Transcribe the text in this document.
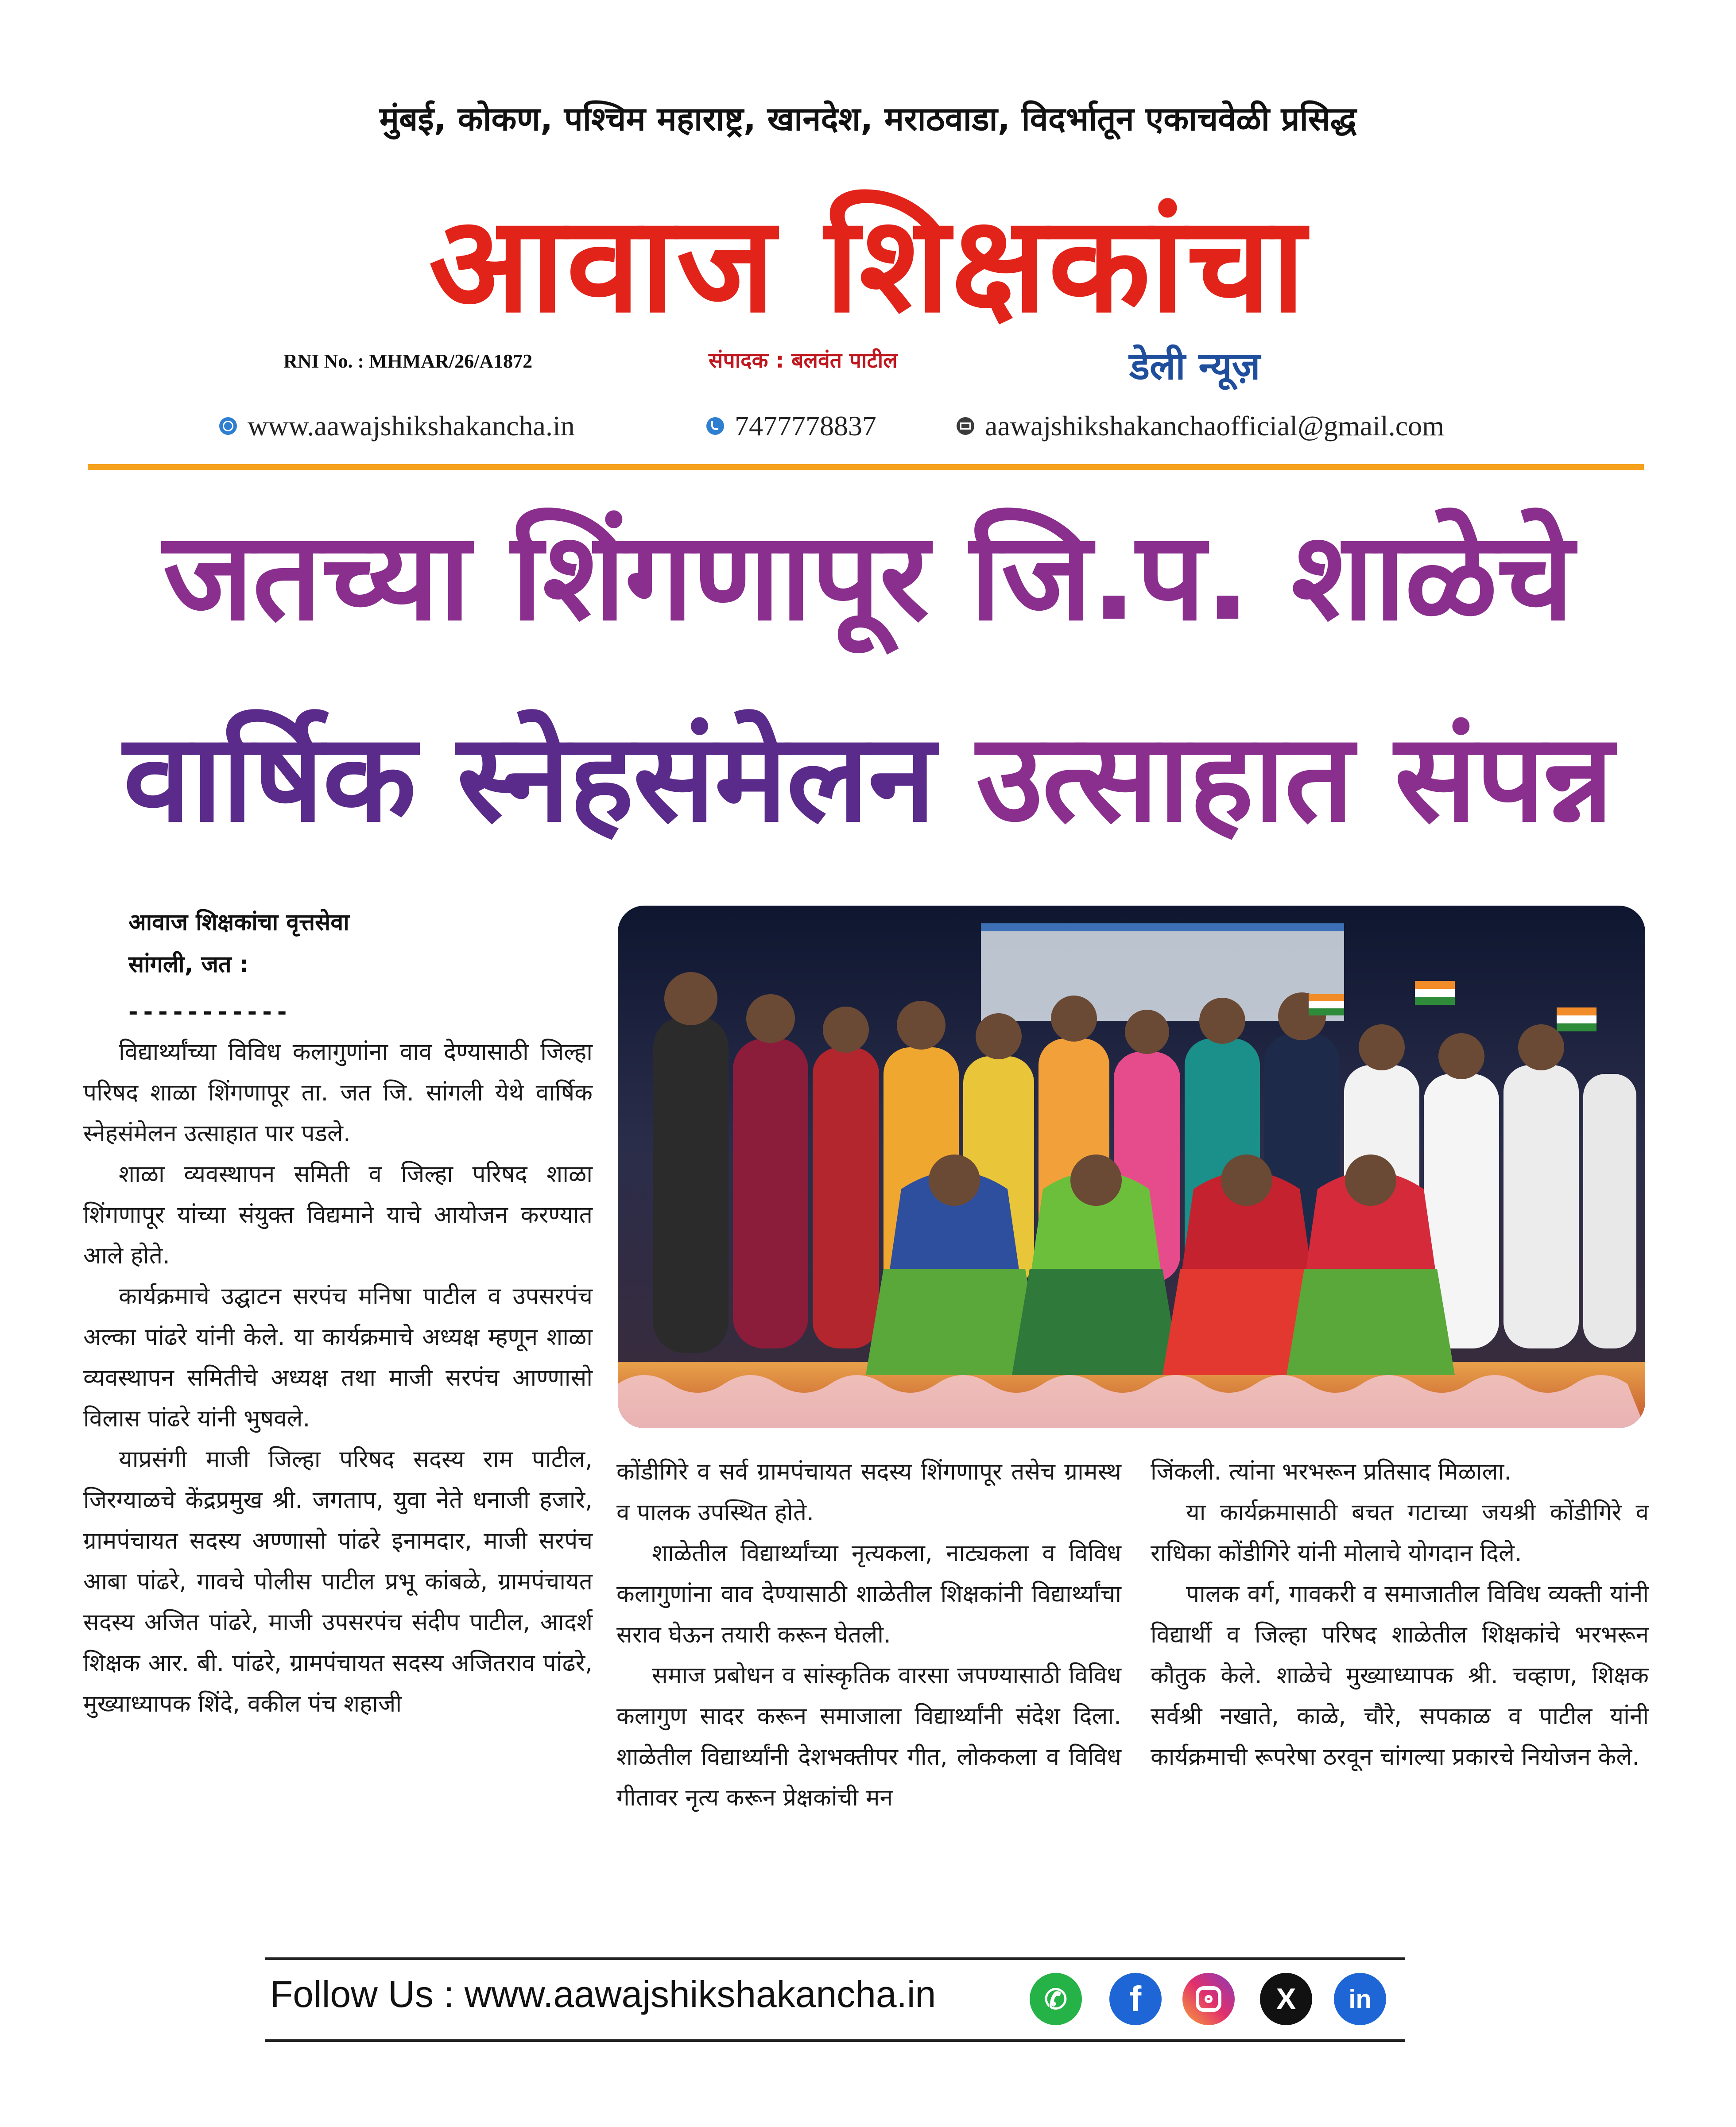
मुंबई, कोकण, पश्चिम महाराष्ट्र, खानदेश, मराठवाडा, विदर्भातून एकाचवेळी प्रसिद्ध
आवाज शिक्षकांचा
RNI No. : MHMAR/26/A1872	संपादक : बलवंत पाटील	डेली न्यूज़
www.aawajshikshakancha.in	7477778837	aawajshikshakanchaofficial@gmail.com
जतच्या शिंगणापूर जि.प. शाळेचे
वार्षिक स्नेहसंमेलन उत्साहात संपन्न
आवाज शिक्षकांचा वृत्तसेवा
सांगली, जत :
-----------

विद्यार्थ्यांच्या विविध कलागुणांना वाव देण्यासाठी जिल्हा परिषद शाळा शिंगणापूर ता. जत जि. सांगली येथे वार्षिक स्नेहसंमेलन उत्साहात पार पडले.

शाळा व्यवस्थापन समिती व जिल्हा परिषद शाळा शिंगणापूर यांच्या संयुक्त विद्यमाने याचे आयोजन करण्यात आले होते.

कार्यक्रमाचे उद्घाटन सरपंच मनिषा पाटील व उपसरपंच अल्का पांढरे यांनी केले. या कार्यक्रमाचे अध्यक्ष म्हणून शाळा व्यवस्थापन समितीचे अध्यक्ष तथा माजी सरपंच आण्णासो विलास पांढरे यांनी भुषवले.

याप्रसंगी माजी जिल्हा परिषद सदस्य राम पाटील, जिरग्याळचे केंद्रप्रमुख श्री. जगताप, युवा नेते धनाजी हजारे, ग्रामपंचायत सदस्य अण्णासो पांढरे इनामदार, माजी सरपंच आबा पांढरे, गावचे पोलीस पाटील प्रभू कांबळे, ग्रामपंचायत सदस्य अजित पांढरे, माजी उपसरपंच संदीप पाटील, आदर्श शिक्षक आर. बी. पांढरे, ग्रामपंचायत सदस्य अजितराव पांढरे, मुख्याध्यापक शिंदे, वकील पंच शहाजी

कोंडीगिरे व सर्व ग्रामपंचायत सदस्य शिंगणापूर तसेच ग्रामस्थ व पालक उपस्थित होते.

शाळेतील विद्यार्थ्यांच्या नृत्यकला, नाट्यकला व विविध कलागुणांना वाव देण्यासाठी शाळेतील शिक्षकांनी विद्यार्थ्यांचा सराव घेऊन तयारी करून घेतली.

समाज प्रबोधन व सांस्कृतिक वारसा जपण्यासाठी विविध कलागुण सादर करून समाजाला विद्यार्थ्यांनी संदेश दिला. शाळेतील विद्यार्थ्यांनी देशभक्तीपर गीत, लोककला व विविध गीतावर नृत्य करून प्रेक्षकांची मन

जिंकली. त्यांना भरभरून प्रतिसाद मिळाला.

या कार्यक्रमासाठी बचत गटाच्या जयश्री कोंडीगिरे व राधिका कोंडीगिरे यांनी मोलाचे योगदान दिले.

पालक वर्ग, गावकरी व समाजातील विविध व्यक्ती यांनी विद्यार्थी व जिल्हा परिषद शाळेतील शिक्षकांचे भरभरून कौतुक केले. शाळेचे मुख्याध्यापक श्री. चव्हाण, शिक्षक सर्वश्री नखाते, काळे, चौरे, सपकाळ व पाटील यांनी कार्यक्रमाची रूपरेषा ठरवून चांगल्या प्रकारचे नियोजन केले.

Follow Us : www.aawajshikshakancha.in	✆	f	X	in
